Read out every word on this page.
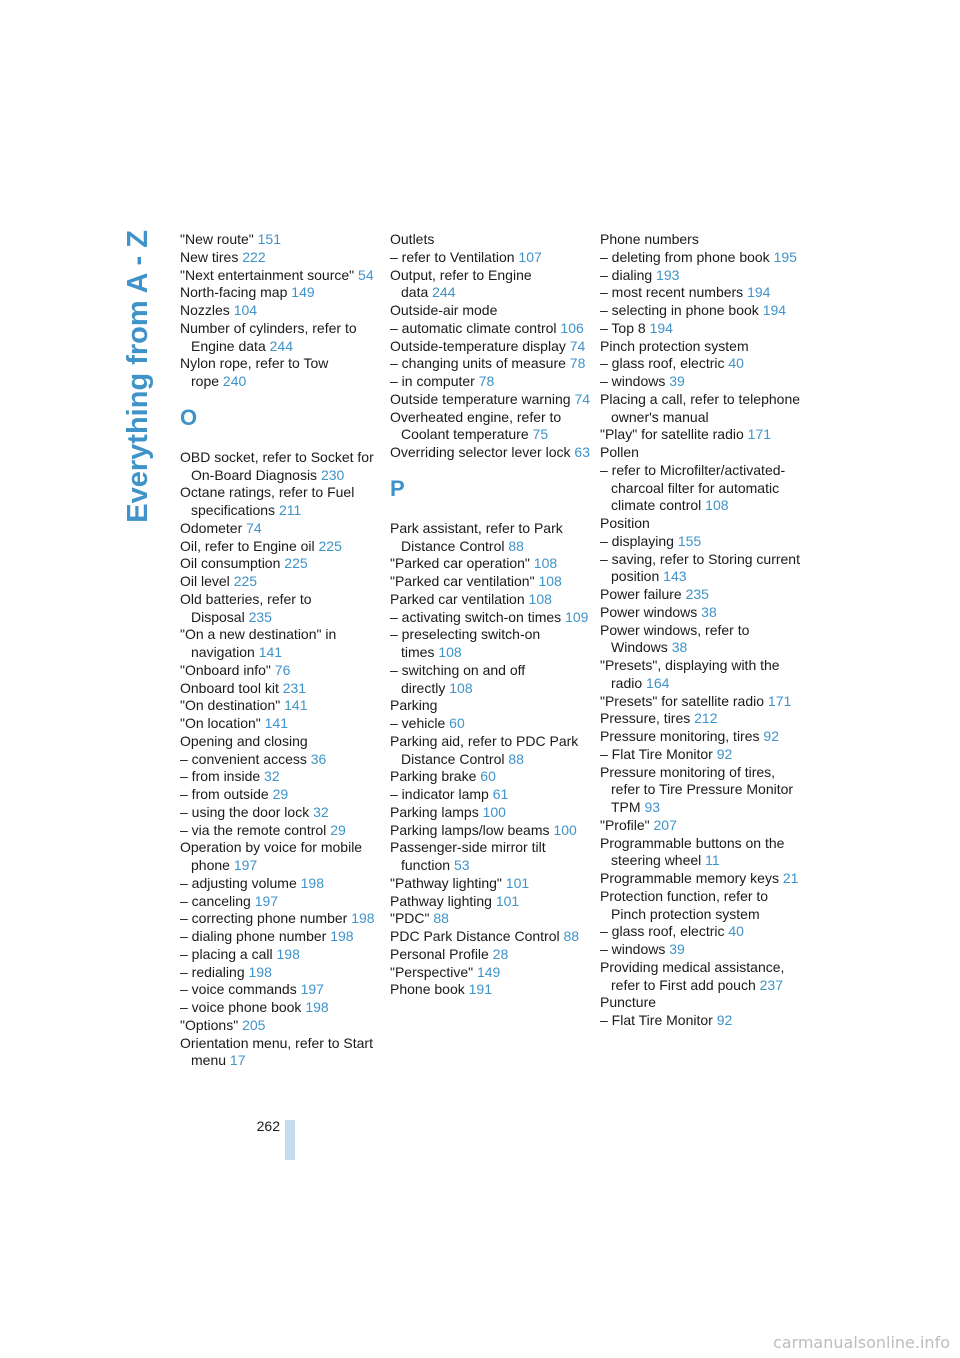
Everything from A - Z "New route" 151
New tires 222
"Next entertainment source" 54
North-facing map 149
Nozzles 104
Number of cylinders, refer to Engine data 244
Nylon rope, refer to Tow rope 240
O
OBD socket, refer to Socket for On-Board Diagnosis 230
Octane ratings, refer to Fuel specifications 211
Odometer 74
Oil, refer to Engine oil 225
Oil consumption 225
Oil level 225
Old batteries, refer to Disposal 235
"On a new destination" in navigation 141
"Onboard info" 76
Onboard tool kit 231
"On destination" 141
"On location" 141
Opening and closing
– convenient access 36
– from inside 32
– from outside 29
– using the door lock 32
– via the remote control 29
Operation by voice for mobile phone 197
– adjusting volume 198
– canceling 197
– correcting phone number 198
– dialing phone number 198
– placing a call 198
– redialing 198
– voice commands 197
– voice phone book 198
"Options" 205
Orientation menu, refer to Start menu 17
Outlets
– refer to Ventilation 107
Output, refer to Engine data 244
Outside-air mode
– automatic climate control 106
Outside-temperature display 74
– changing units of measure 78
– in computer 78
Outside temperature warning 74
Overheated engine, refer to Coolant temperature 75
Overriding selector lever lock 63
P
Park assistant, refer to Park Distance Control 88
"Parked car operation" 108
"Parked car ventilation" 108
Parked car ventilation 108
– activating switch-on times 109
– preselecting switch-on times 108
– switching on and off directly 108
Parking
– vehicle 60
Parking aid, refer to PDC Park Distance Control 88
Parking brake 60
– indicator lamp 61
Parking lamps 100
Parking lamps/low beams 100
Passenger-side mirror tilt function 53
"Pathway lighting" 101
Pathway lighting 101
"PDC" 88
PDC Park Distance Control 88
Personal Profile 28
"Perspective" 149
Phone book 191
Phone numbers
– deleting from phone book 195
– dialing 193
– most recent numbers 194
– selecting in phone book 194
– Top 8 194
Pinch protection system
– glass roof, electric 40
– windows 39
Placing a call, refer to telephone owner's manual
"Play" for satellite radio 171
Pollen
– refer to Microfilter/activated-charcoal filter for automatic climate control 108
Position
– displaying 155
– saving, refer to Storing current position 143
Power failure 235
Power windows 38
Power windows, refer to Windows 38
"Presets", displaying with the radio 164
"Presets" for satellite radio 171
Pressure, tires 212
Pressure monitoring, tires 92
– Flat Tire Monitor 92
Pressure monitoring of tires, refer to Tire Pressure Monitor TPM 93
"Profile" 207
Programmable buttons on the steering wheel 11
Programmable memory keys 21
Protection function, refer to Pinch protection system
– glass roof, electric 40
– windows 39
Providing medical assistance, refer to First add pouch 237
Puncture
– Flat Tire Monitor 92
262
carmanualsonline.info
